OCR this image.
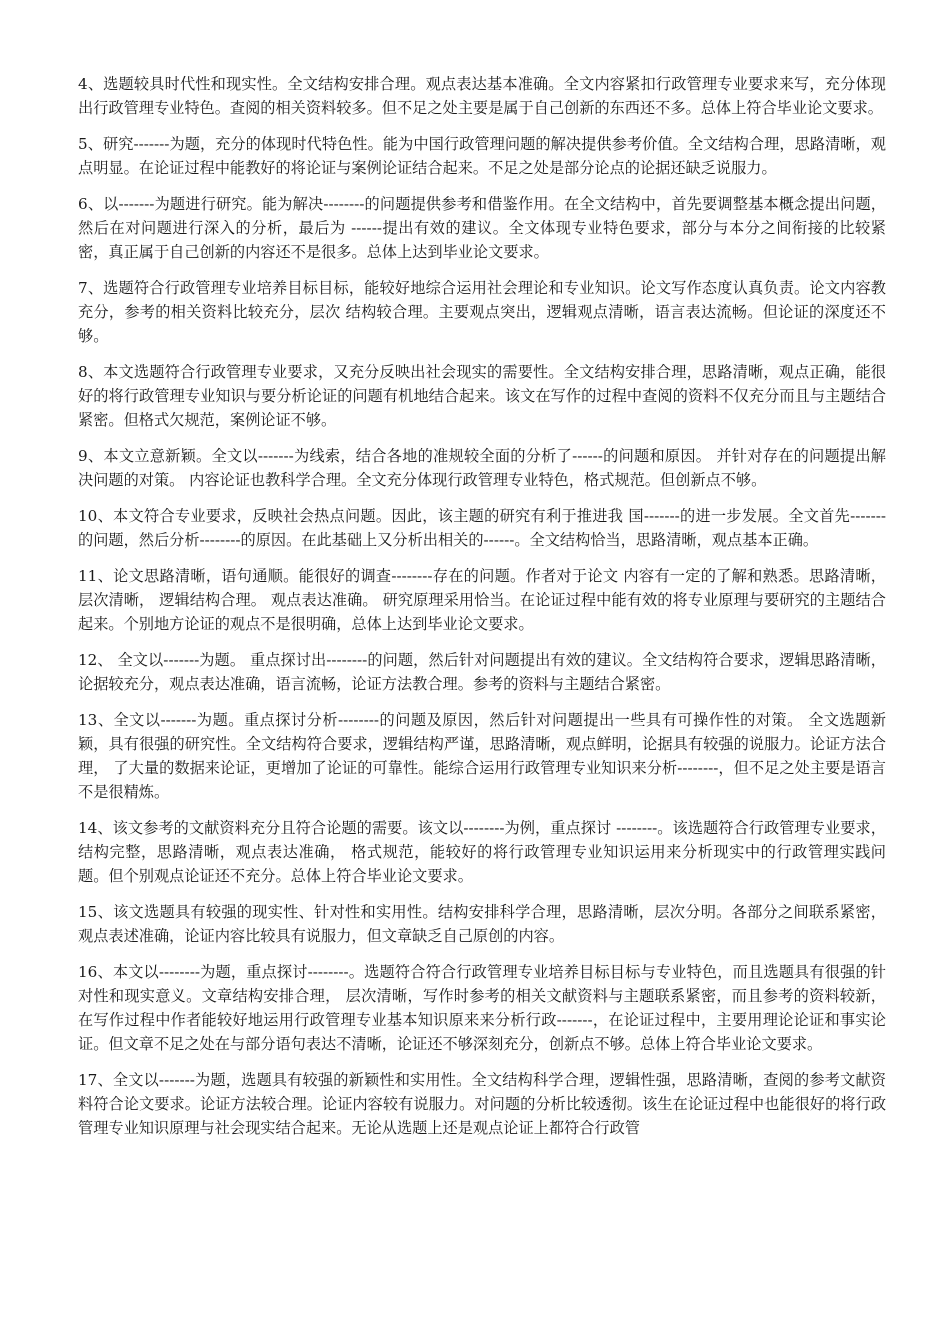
4、选题较具时代性和现实性。全文结构安排合理。观点表达基本准确。全文内容紧扣行政管理专业要求来写，充分体现出行政管理专业特色。查阅的相关资料较多。但不足之处主要是属于自己创新的东西还不多。总体上符合毕业论文要求。

5、研究-------为题，充分的体现时代特色性。能为中国行政管理问题的解决提供参考价值。全文结构合理，思路清晰，观点明显。在论证过程中能教好的将论证与案例论证结合起来。不足之处是部分论点的论据还缺乏说服力。

6、以-------为题进行研究。能为解决--------的问题提供参考和借鉴作用。在全文结构中，首先要调整基本概念提出问题，然后在对问题进行深入的分析，最后为 ------提出有效的建议。全文体现专业特色要求，部分与本分之间衔接的比较紧密，真正属于自己创新的内容还不是很多。总体上达到毕业论文要求。

7、选题符合行政管理专业培养目标目标，能较好地综合运用社会理论和专业知识。论文写作态度认真负责。论文内容教充分，参考的相关资料比较充分，层次 结构较合理。主要观点突出，逻辑观点清晰，语言表达流畅。但论证的深度还不够。

8、本文选题符合行政管理专业要求，又充分反映出社会现实的需要性。全文结构安排合理，思路清晰，观点正确，能很好的将行政管理专业知识与要分析论证的问题有机地结合起来。该文在写作的过程中查阅的资料不仅充分而且与主题结合紧密。但格式欠规范，案例论证不够。

9、本文立意新颖。全文以-------为线索，结合各地的准规较全面的分析了------的问题和原因。 并针对存在的问题提出解决问题的对策。 内容论证也教科学合理。全文充分体现行政管理专业特色，格式规范。但创新点不够。

10、本文符合专业要求，反映社会热点问题。因此，该主题的研究有利于推进我 国-------的进一步发展。全文首先-------的问题，然后分析--------的原因。在此基础上又分析出相关的------。全文结构恰当，思路清晰，观点基本正确。

11、论文思路清晰，语句通顺。能很好的调查--------存在的问题。作者对于论文 内容有一定的了解和熟悉。思路清晰， 层次清晰， 逻辑结构合理。 观点表达准确。 研究原理采用恰当。在论证过程中能有效的将专业原理与要研究的主题结合起来。个别地方论证的观点不是很明确，总体上达到毕业论文要求。

12、 全文以-------为题。 重点探讨出--------的问题，然后针对问题提出有效的建议。全文结构符合要求，逻辑思路清晰，论据较充分，观点表达准确，语言流畅，论证方法教合理。参考的资料与主题结合紧密。

13、全文以-------为题。重点探讨分析--------的问题及原因，然后针对问题提出一些具有可操作性的对策。 全文选题新颖，具有很强的研究性。全文结构符合要求，逻辑结构严谨，思路清晰，观点鲜明，论据具有较强的说服力。论证方法合理， 了大量的数据来论证，更增加了论证的可靠性。能综合运用行政管理专业知识来分析--------，但不足之处主要是语言不是很精炼。

14、该文参考的文献资料充分且符合论题的需要。该文以--------为例，重点探讨 --------。该选题符合行政管理专业要求，结构完整，思路清晰，观点表达准确， 格式规范，能较好的将行政管理专业知识运用来分析现实中的行政管理实践问题。但个别观点论证还不充分。总体上符合毕业论文要求。

15、该文选题具有较强的现实性、针对性和实用性。结构安排科学合理，思路清晰，层次分明。各部分之间联系紧密，观点表述准确，论证内容比较具有说服力，但文章缺乏自己原创的内容。

16、本文以--------为题，重点探讨--------。选题符合符合行政管理专业培养目标目标与专业特色，而且选题具有很强的针对性和现实意义。文章结构安排合理， 层次清晰，写作时参考的相关文献资料与主题联系紧密，而且参考的资料较新， 在写作过程中作者能较好地运用行政管理专业基本知识原来来分析行政-------，在论证过程中，主要用理论论证和事实论证。但文章不足之处在与部分语句表达不清晰，论证还不够深刻充分，创新点不够。总体上符合毕业论文要求。

17、全文以-------为题，选题具有较强的新颖性和实用性。全文结构科学合理，逻辑性强，思路清晰，查阅的参考文献资料符合论文要求。论证方法较合理。论证内容较有说服力。对问题的分析比较透彻。该生在论证过程中也能很好的将行政管理专业知识原理与社会现实结合起来。无论从选题上还是观点论证上都符合行政管
